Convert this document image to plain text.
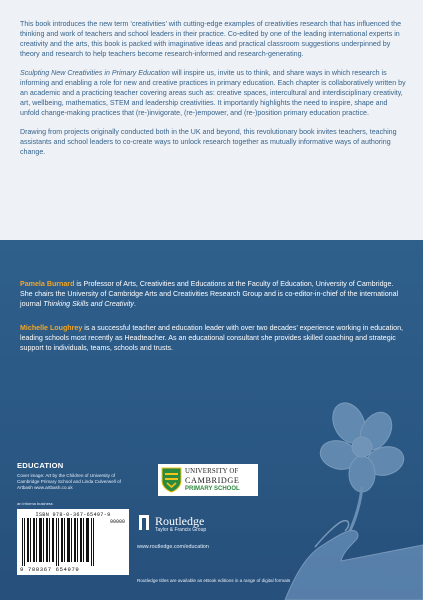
This book introduces the new term ‘creativities’ with cutting-edge examples of creativities research that has influenced the thinking and work of teachers and school leaders in their practice. Co-edited by one of the leading international experts in creativity and the arts, this book is packed with imaginative ideas and practical classroom suggestions underpinned by theory and research to help teachers become research-informed and research-generating.

Sculpting New Creativities in Primary Education will inspire us, invite us to think, and share ways in which research is informing and enabling a role for new and creative practices in primary education. Each chapter is collaboratively written by an academic and a practicing teacher covering areas such as: creative spaces, intercultural and interdisciplinary creativity, art, wellbeing, mathematics, STEM and leadership creativities. It importantly highlights the need to inspire, shape and unfold change-making practices that (re-)invigorate, (re-)empower, and (re-)position primary education practice.

Drawing from projects originally conducted both in the UK and beyond, this revolutionary book invites teachers, teaching assistants and school leaders to co-create ways to unlock research together as mutually informative ways of authoring change.

Pamela Burnard is Professor of Arts, Creativities and Educations at the Faculty of Education, University of Cambridge. She chairs the University of Cambridge Arts and Creativities Research Group and is co-editor-in-chief of the international journal Thinking Skills and Creativity.

Michelle Loughrey is a successful teacher and education leader with over two decades’ experience working in education, leading schools most recently as Headteacher. As an educational consultant she provides skilled coaching and strategic support to individuals, teams, schools and trusts.

EDUCATION
Cover image: Art by the Children of University of Cambridge Primary School and Linda Culverwell of Artbash www.artbash.co.uk
an informa business
UNIVERSITY OF
CAMBRIDGE
PRIMARY SCHOOL
ISBN 978-0-367-65497-9
90000
9 780367 654979
Routledge
Taylor & Francis Group
www.routledge.com/education
Routledge titles are available as eBook editions in a range of digital formats
